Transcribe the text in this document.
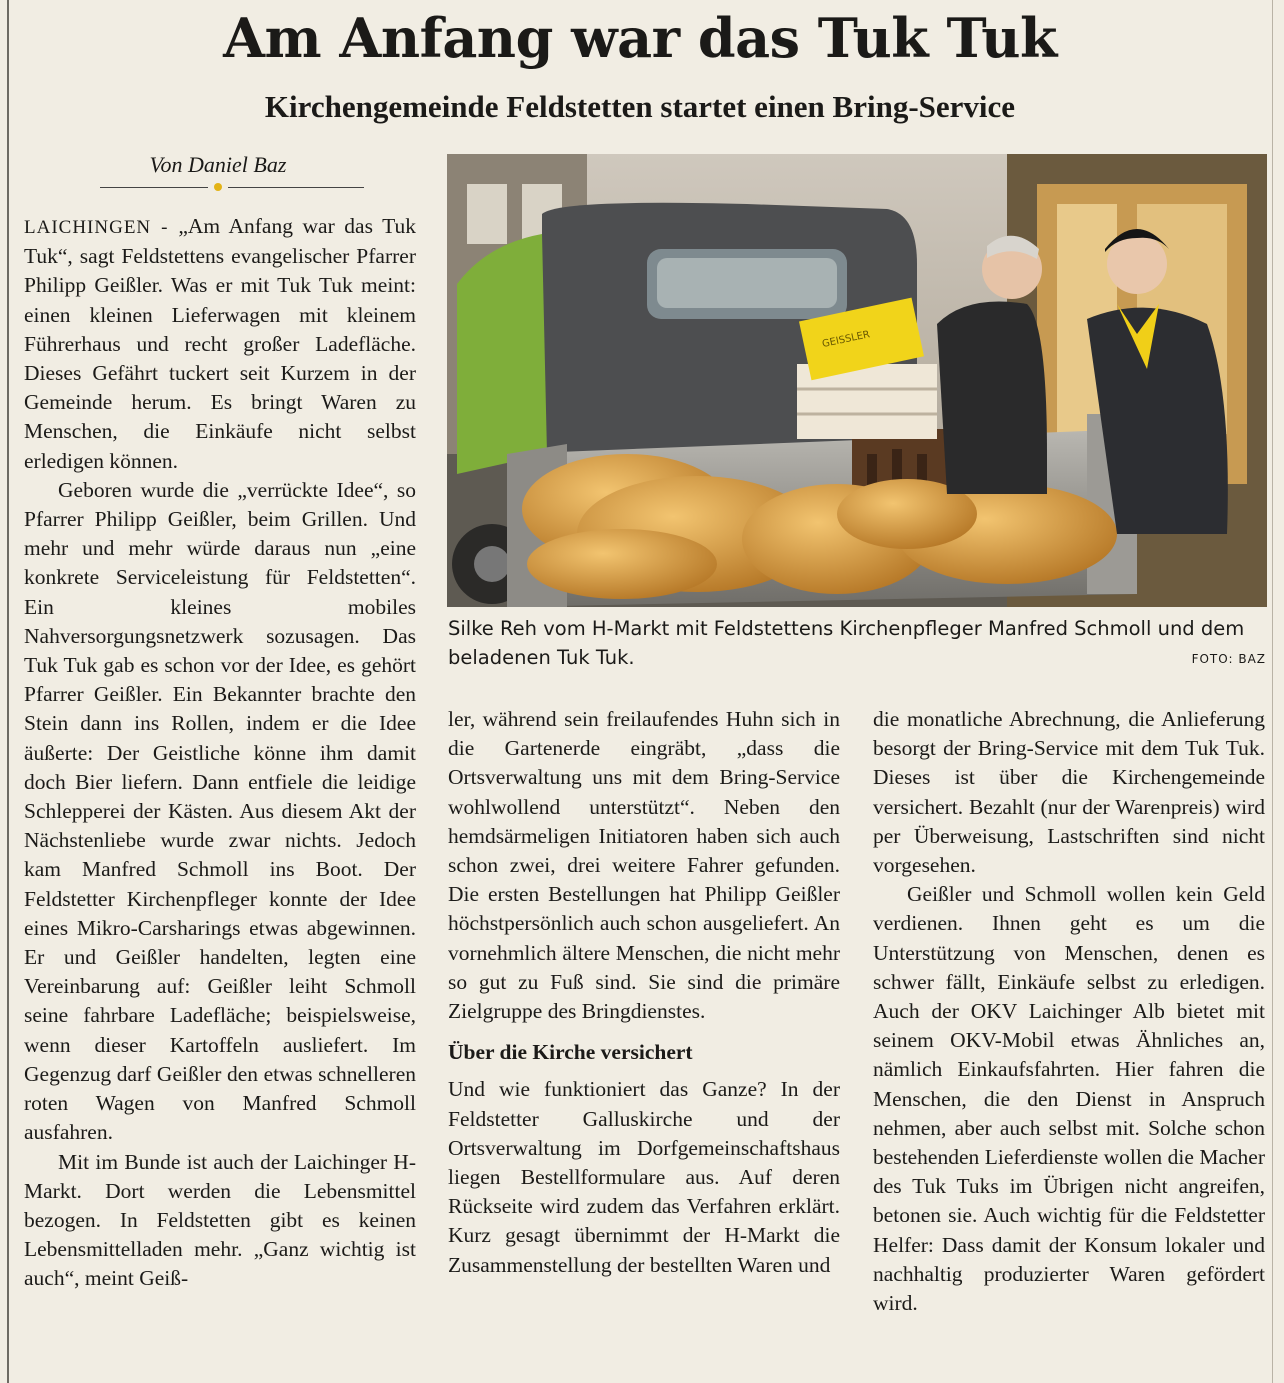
Am Anfang war das Tuk Tuk
Kirchengemeinde Feldstetten startet einen Bring-Service
Von Daniel Baz

LAICHINGEN - „Am Anfang war das Tuk Tuk“, sagt Feldstettens evangelischer Pfarrer Philipp Geißler. Was er mit Tuk Tuk meint: einen kleinen Lieferwagen mit kleinem Führerhaus und recht großer Ladefläche. Dieses Gefährt tuckert seit Kurzem in der Gemeinde herum. Es bringt Waren zu Menschen, die Einkäufe nicht selbst erledigen können.

Geboren wurde die „verrückte Idee“, so Pfarrer Philipp Geißler, beim Grillen. Und mehr und mehr würde daraus nun „eine konkrete Serviceleistung für Feldstetten“. Ein kleines mobiles Nahversorgungsnetzwerk sozusagen. Das Tuk Tuk gab es schon vor der Idee, es gehört Pfarrer Geißler. Ein Bekannter brachte den Stein dann ins Rollen, indem er die Idee äußerte: Der Geistliche könne ihm damit doch Bier liefern. Dann entfiele die leidige Schlepperei der Kästen. Aus diesem Akt der Nächstenliebe wurde zwar nichts. Jedoch kam Manfred Schmoll ins Boot. Der Feldstetter Kirchenpfleger konnte der Idee eines Mikro-Carsharings etwas abgewinnen. Er und Geißler handelten, legten eine Vereinbarung auf: Geißler leiht Schmoll seine fahrbare Ladefläche; beispielsweise, wenn dieser Kartoffeln ausliefert. Im Gegenzug darf Geißler den etwas schnelleren roten Wagen von Manfred Schmoll ausfahren.

Mit im Bunde ist auch der Laichinger H-Markt. Dort werden die Lebensmittel bezogen. In Feldstetten gibt es keinen Lebensmittelladen mehr. „Ganz wichtig ist auch“, meint Geiß-

GEISSLER
Silke Reh vom H-Markt mit Feldstettens Kirchenpfleger Manfred Schmoll und dem beladenen Tuk Tuk.	FOTO: BAZ

ler, während sein freilaufendes Huhn sich in die Gartenerde eingräbt, „dass die Ortsverwaltung uns mit dem Bring-Service wohlwollend unterstützt“. Neben den hemdsärmeligen Initiatoren haben sich auch schon zwei, drei weitere Fahrer gefunden. Die ersten Bestellungen hat Philipp Geißler höchstpersönlich auch schon ausgeliefert. An vornehmlich ältere Menschen, die nicht mehr so gut zu Fuß sind. Sie sind die primäre Zielgruppe des Bringdienstes.

Über die Kirche versichert

Und wie funktioniert das Ganze? In der Feldstetter Galluskirche und der Ortsverwaltung im Dorfgemeinschaftshaus liegen Bestellformulare aus. Auf deren Rückseite wird zudem das Verfahren erklärt. Kurz gesagt übernimmt der H-Markt die Zusammenstellung der bestellten Waren und

die monatliche Abrechnung, die Anlieferung besorgt der Bring-Service mit dem Tuk Tuk. Dieses ist über die Kirchengemeinde versichert. Bezahlt (nur der Warenpreis) wird per Überweisung, Lastschriften sind nicht vorgesehen.

Geißler und Schmoll wollen kein Geld verdienen. Ihnen geht es um die Unterstützung von Menschen, denen es schwer fällt, Einkäufe selbst zu erledigen. Auch der OKV Laichinger Alb bietet mit seinem OKV-Mobil etwas Ähnliches an, nämlich Einkaufsfahrten. Hier fahren die Menschen, die den Dienst in Anspruch nehmen, aber auch selbst mit. Solche schon bestehenden Lieferdienste wollen die Macher des Tuk Tuks im Übrigen nicht angreifen, betonen sie. Auch wichtig für die Feldstetter Helfer: Dass damit der Konsum lokaler und nachhaltig produzierter Waren gefördert wird.
